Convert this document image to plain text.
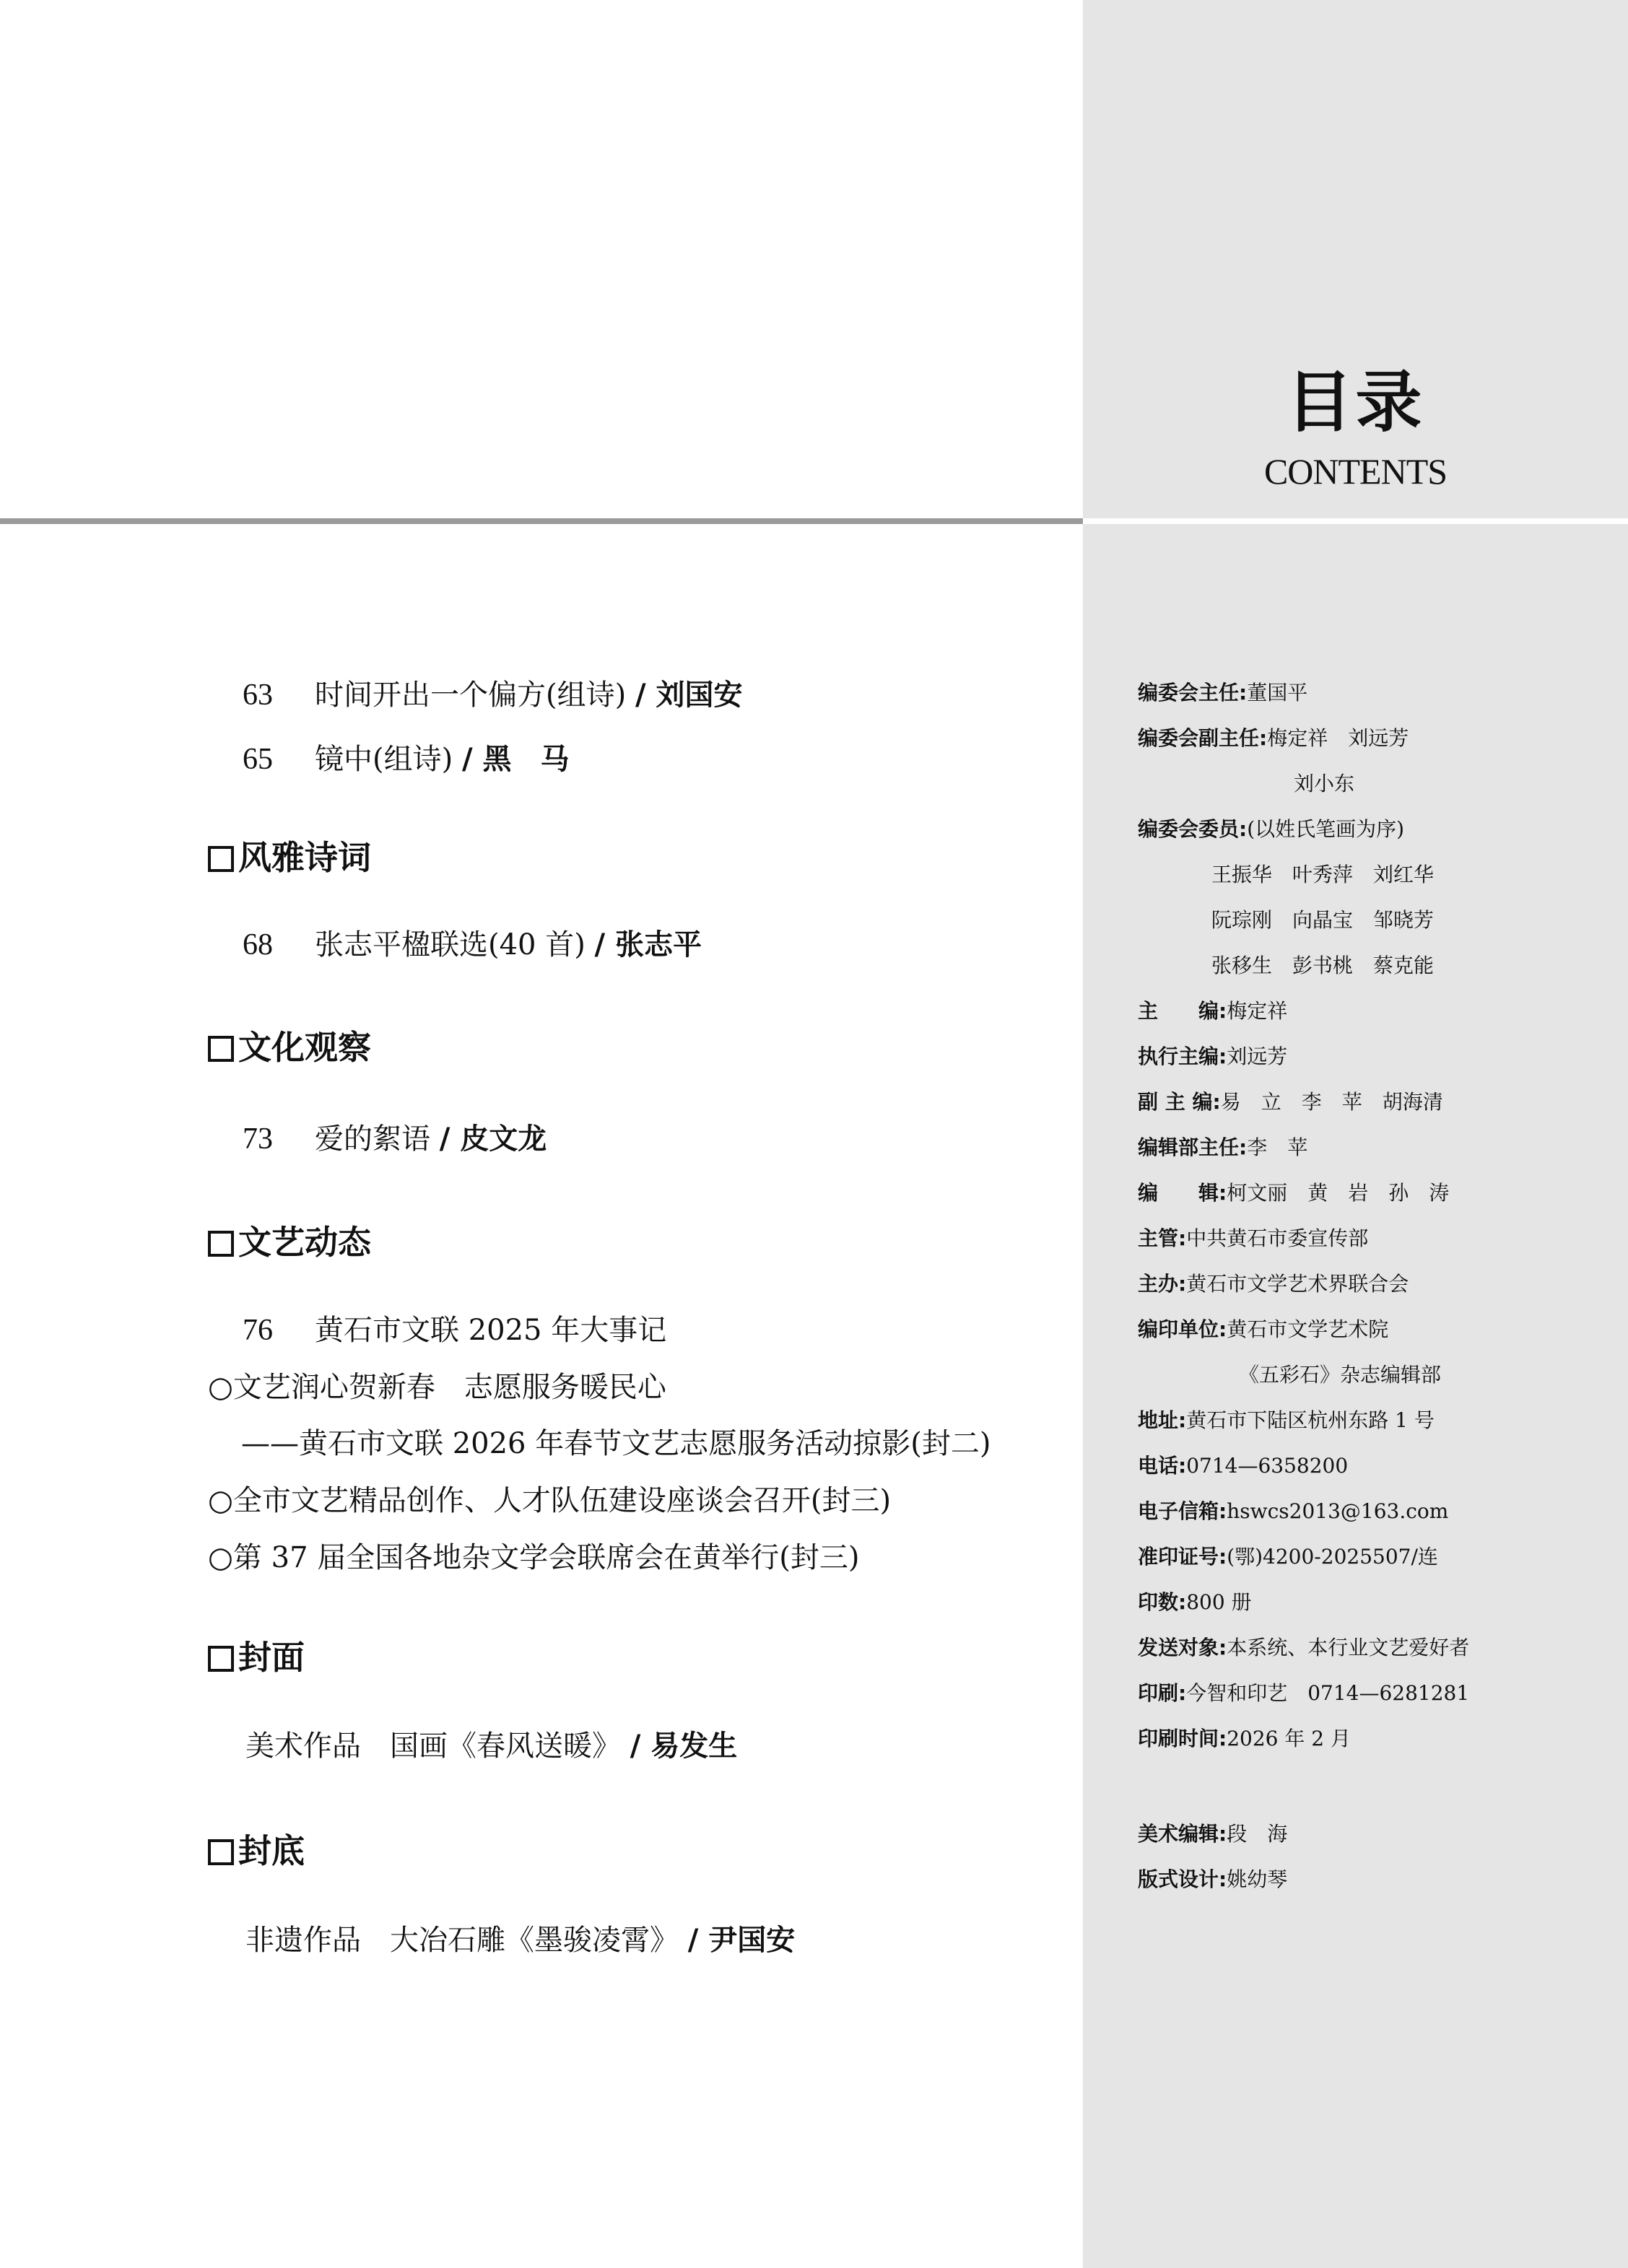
目录
CONTENTS
63 时间开出一个偏方(组诗) / 刘国安
65 镜中(组诗) / 黑　马
风雅诗词
68 张志平楹联选(40 首) / 张志平
文化观察
73 爱的絮语 / 皮文龙
文艺动态
76 黄石市文联 2025 年大事记
○文艺润心贺新春　志愿服务暖民心
——黄石市文联 2026 年春节文艺志愿服务活动掠影(封二)
○全市文艺精品创作、人才队伍建设座谈会召开(封三)
○第 37 届全国各地杂文学会联席会在黄举行(封三)
封面
美术作品　国画《春风送暖》 / 易发生
封底
非遗作品　大冶石雕《墨骏凌霄》 / 尹国安
编委会主任:董国平
编委会副主任:梅定祥　刘远芳
刘小东
编委会委员:(以姓氏笔画为序)
王振华　叶秀萍　刘红华
阮琮刚　向晶宝　邹晓芳
张移生　彭书桃　蔡克能
主　　编:梅定祥
执行主编:刘远芳
副 主 编:易　立　李　苹　胡海清
编辑部主任:李　苹
编　　辑:柯文丽　黄　岩　孙　涛
主管:中共黄石市委宣传部
主办:黄石市文学艺术界联合会
编印单位:黄石市文学艺术院
《五彩石》杂志编辑部
地址:黄石市下陆区杭州东路 1 号
电话:0714—6358200
电子信箱:hswcs2013@163.com
准印证号:(鄂)4200-2025507/连
印数:800 册
发送对象:本系统、本行业文艺爱好者
印刷:今智和印艺　0714—6281281
印刷时间:2026 年 2 月
美术编辑:段　海
版式设计:姚幼琴
